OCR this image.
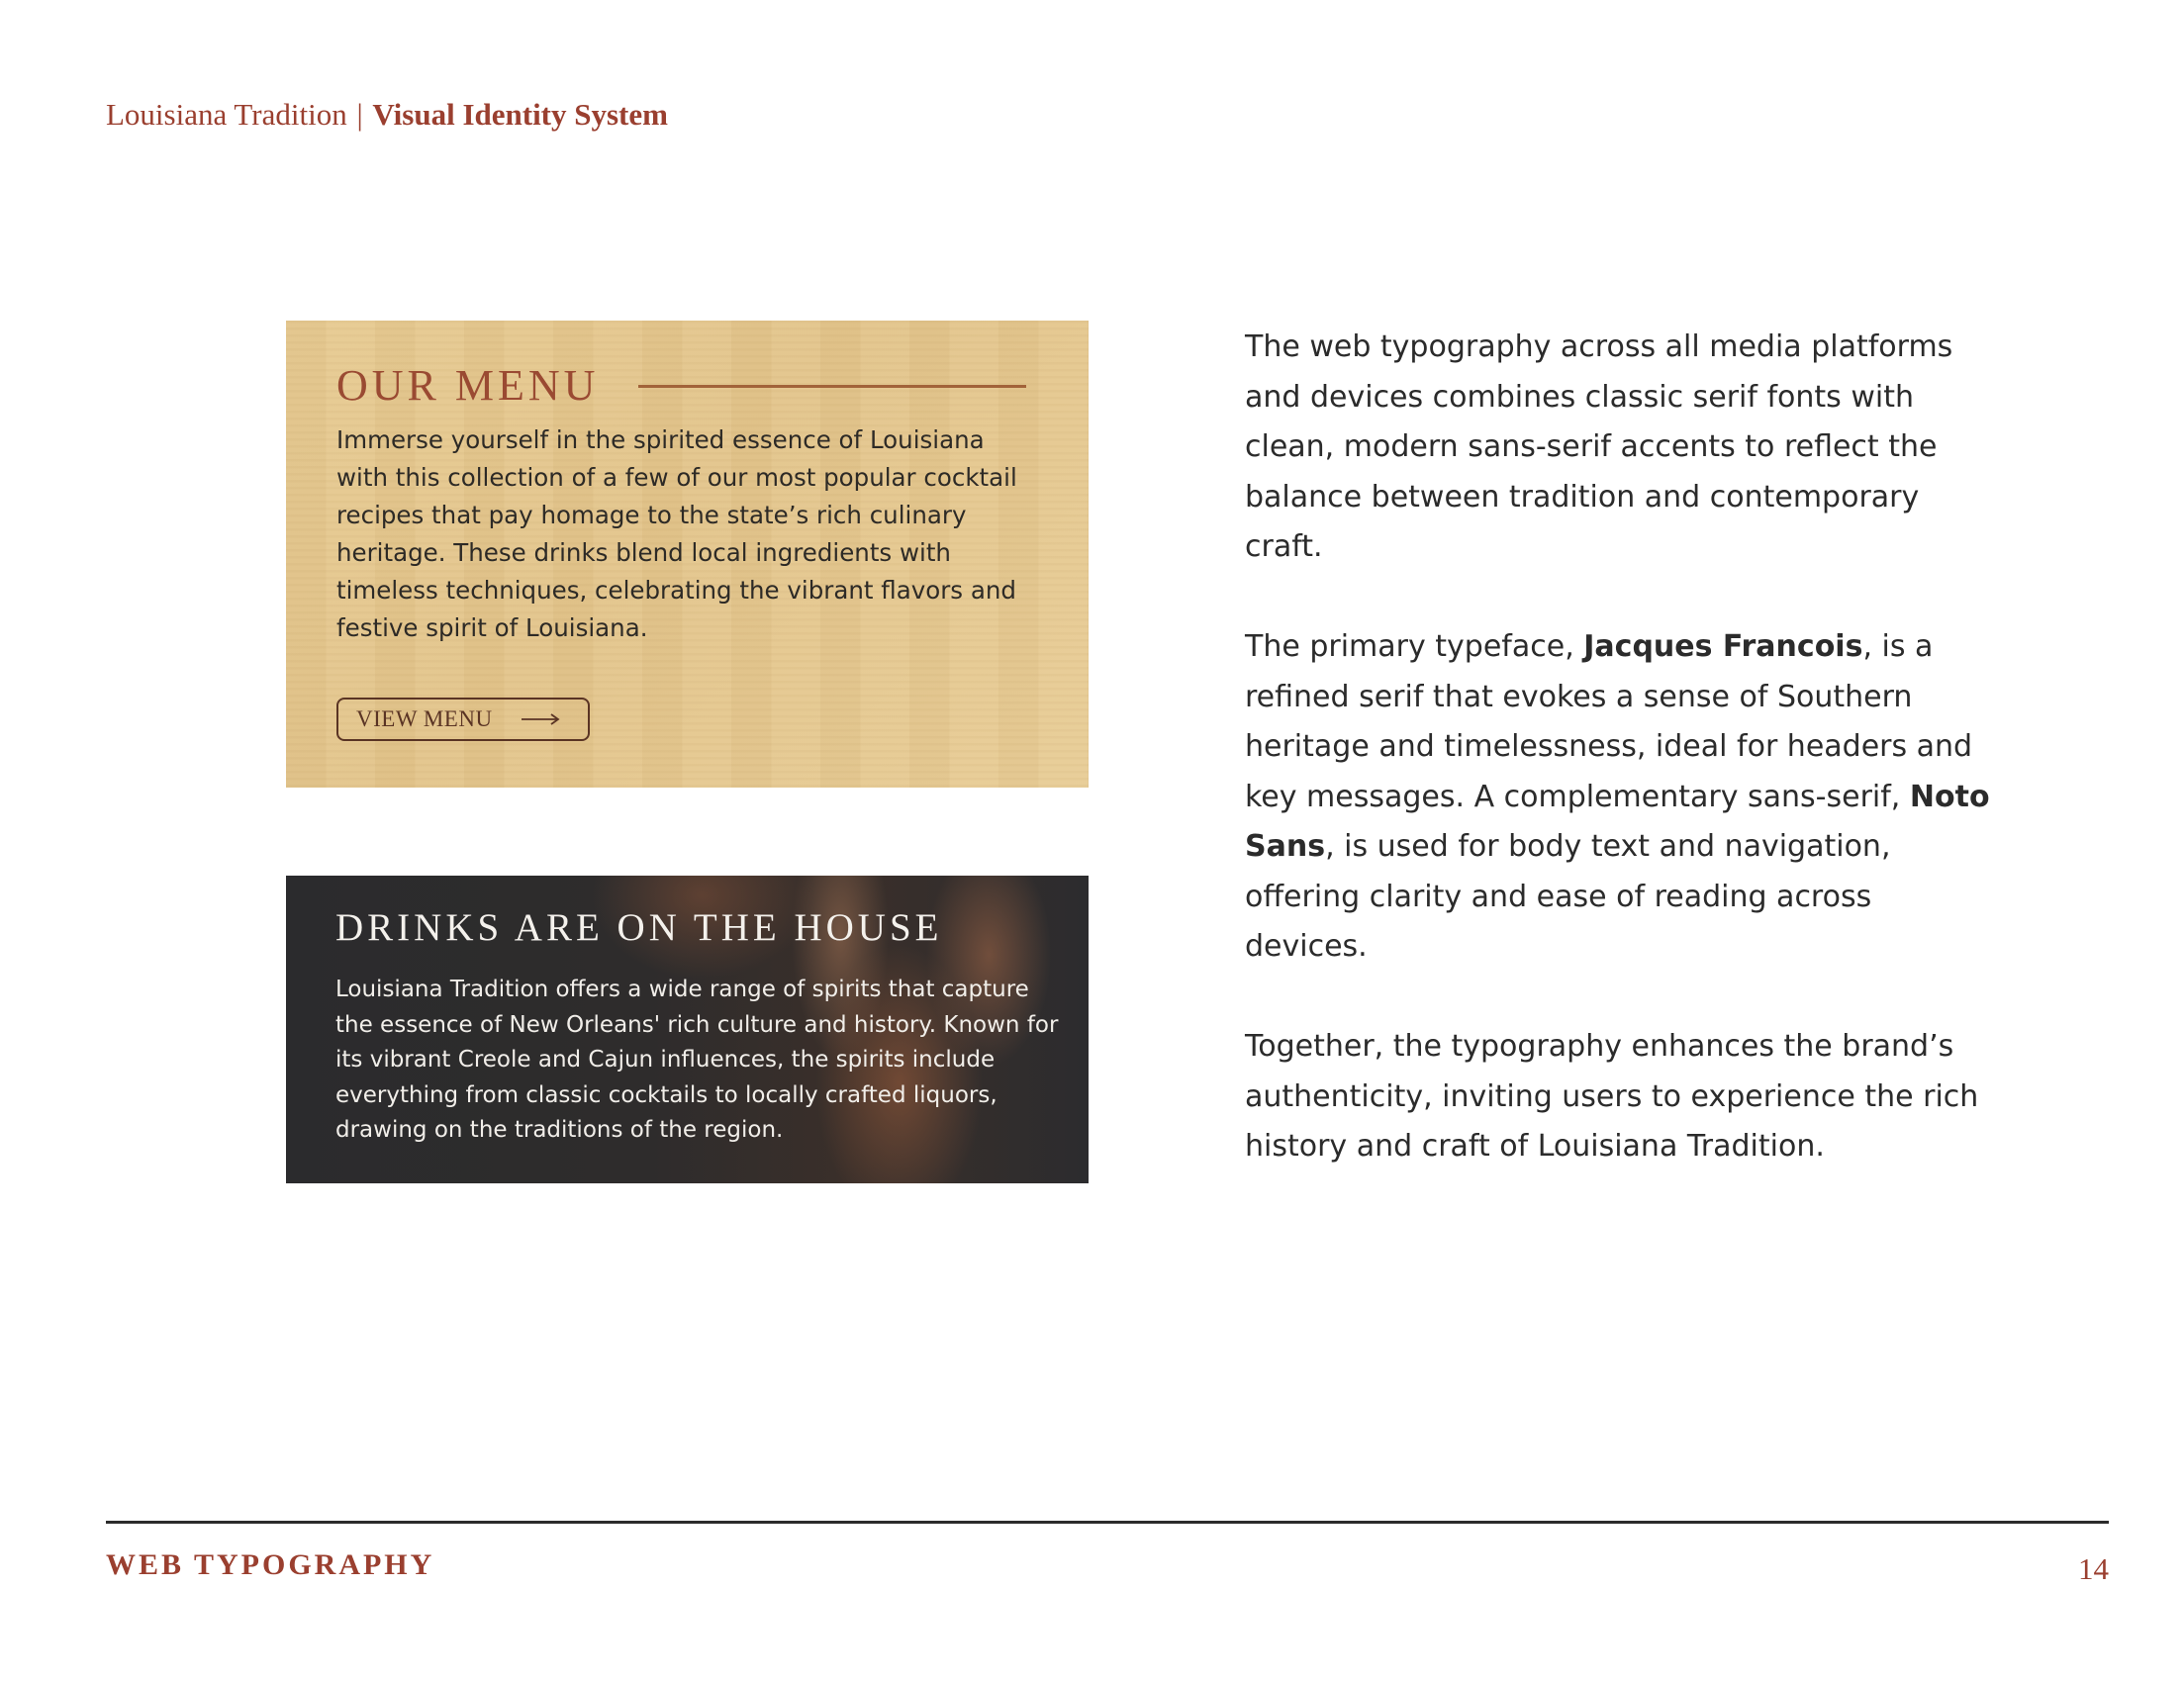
Louisiana Tradition | Visual Identity System
OUR MENU
Immerse yourself in the spirited essence of Louisiana with this collection of a few of our most popular cocktail recipes that pay homage to the state’s rich culinary heritage. These drinks blend local ingredients with timeless techniques, celebrating the vibrant flavors and festive spirit of Louisiana.
VIEW MENU
DRINKS ARE ON THE HOUSE
Louisiana Tradition offers a wide range of spirits that capture the essence of New Orleans' rich culture and history. Known for its vibrant Creole and Cajun influences, the spirits include everything from classic cocktails to locally crafted liquors, drawing on the traditions of the region.

The web typography across all media platforms and devices combines classic serif fonts with clean, modern sans-serif accents to reflect the balance between tradition and contemporary craft.

The primary typeface, Jacques Francois, is a refined serif that evokes a sense of Southern heritage and timelessness, ideal for headers and key messages. A complementary sans-serif, Noto Sans, is used for body text and navigation, offering clarity and ease of reading across devices.

Together, the typography enhances the brand’s authenticity, inviting users to experience the rich history and craft of Louisiana Tradition.

WEB TYPOGRAPHY	14
